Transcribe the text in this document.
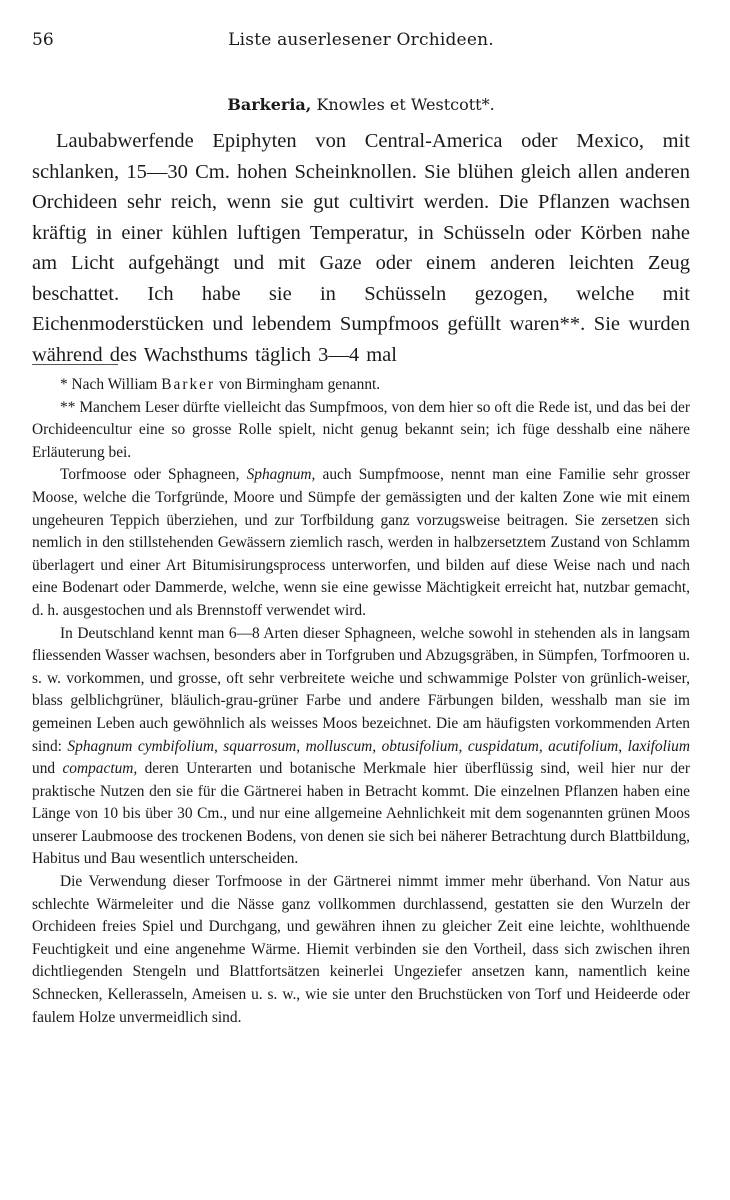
56	Liste auserlesener Orchideen.
Barkeria, Knowles et Westcott*.

Laubabwerfende Epiphyten von Central-America oder Mexico, mit schlanken, 15—30 Cm. hohen Scheinknollen. Sie blühen gleich allen anderen Orchideen sehr reich, wenn sie gut cultivirt werden. Die Pflanzen wachsen kräftig in einer kühlen luftigen Temperatur, in Schüsseln oder Körben nahe am Licht aufgehängt und mit Gaze oder einem anderen leichten Zeug beschattet. Ich habe sie in Schüsseln gezogen, welche mit Eichenmoderstücken und lebendem Sumpfmoos gefüllt waren**. Sie wurden während des Wachsthums täglich 3—4 mal

* Nach William Barker von Birmingham genannt.

** Manchem Leser dürfte vielleicht das Sumpfmoos, von dem hier so oft die Rede ist, und das bei der Orchideencultur eine so grosse Rolle spielt, nicht genug bekannt sein; ich füge desshalb eine nähere Erläuterung bei.

Torfmoose oder Sphagneen, Sphagnum, auch Sumpfmoose, nennt man eine Familie sehr grosser Moose, welche die Torfgründe, Moore und Sümpfe der gemässigten und der kalten Zone wie mit einem ungeheuren Teppich überziehen, und zur Torfbildung ganz vorzugsweise beitragen. Sie zersetzen sich nemlich in den stillstehenden Gewässern ziemlich rasch, werden in halbzersetztem Zustand von Schlamm überlagert und einer Art Bitumisirungsprocess unterworfen, und bilden auf diese Weise nach und nach eine Bodenart oder Dammerde, welche, wenn sie eine gewisse Mächtigkeit erreicht hat, nutzbar gemacht, d. h. ausgestochen und als Brennstoff verwendet wird.

In Deutschland kennt man 6—8 Arten dieser Sphagneen, welche sowohl in stehenden als in langsam fliessenden Wasser wachsen, besonders aber in Torfgruben und Abzugsgräben, in Sümpfen, Torfmooren u. s. w. vorkommen, und grosse, oft sehr verbreitete weiche und schwammige Polster von grünlich-weiser, blass gelblichgrüner, bläulich-grau-grüner Farbe und andere Färbungen bilden, wesshalb man sie im gemeinen Leben auch gewöhnlich als weisses Moos bezeichnet. Die am häufigsten vorkommenden Arten sind: Sphagnum cymbifolium, squarrosum, molluscum, obtusifolium, cuspidatum, acutifolium, laxifolium und compactum, deren Unterarten und botanische Merkmale hier überflüssig sind, weil hier nur der praktische Nutzen den sie für die Gärtnerei haben in Betracht kommt. Die einzelnen Pflanzen haben eine Länge von 10 bis über 30 Cm., und nur eine allgemeine Aehnlichkeit mit dem sogenannten grünen Moos unserer Laubmoose des trockenen Bodens, von denen sie sich bei näherer Betrachtung durch Blattbildung, Habitus und Bau wesentlich unterscheiden.

Die Verwendung dieser Torfmoose in der Gärtnerei nimmt immer mehr überhand. Von Natur aus schlechte Wärmeleiter und die Nässe ganz vollkommen durchlassend, gestatten sie den Wurzeln der Orchideen freies Spiel und Durchgang, und gewähren ihnen zu gleicher Zeit eine leichte, wohlthuende Feuchtigkeit und eine angenehme Wärme. Hiemit verbinden sie den Vortheil, dass sich zwischen ihren dichtliegenden Stengeln und Blattfortsätzen keinerlei Ungeziefer ansetzen kann, namentlich keine Schnecken, Kellerasseln, Ameisen u. s. w., wie sie unter den Bruchstücken von Torf und Heideerde oder faulem Holze unvermeidlich sind.
